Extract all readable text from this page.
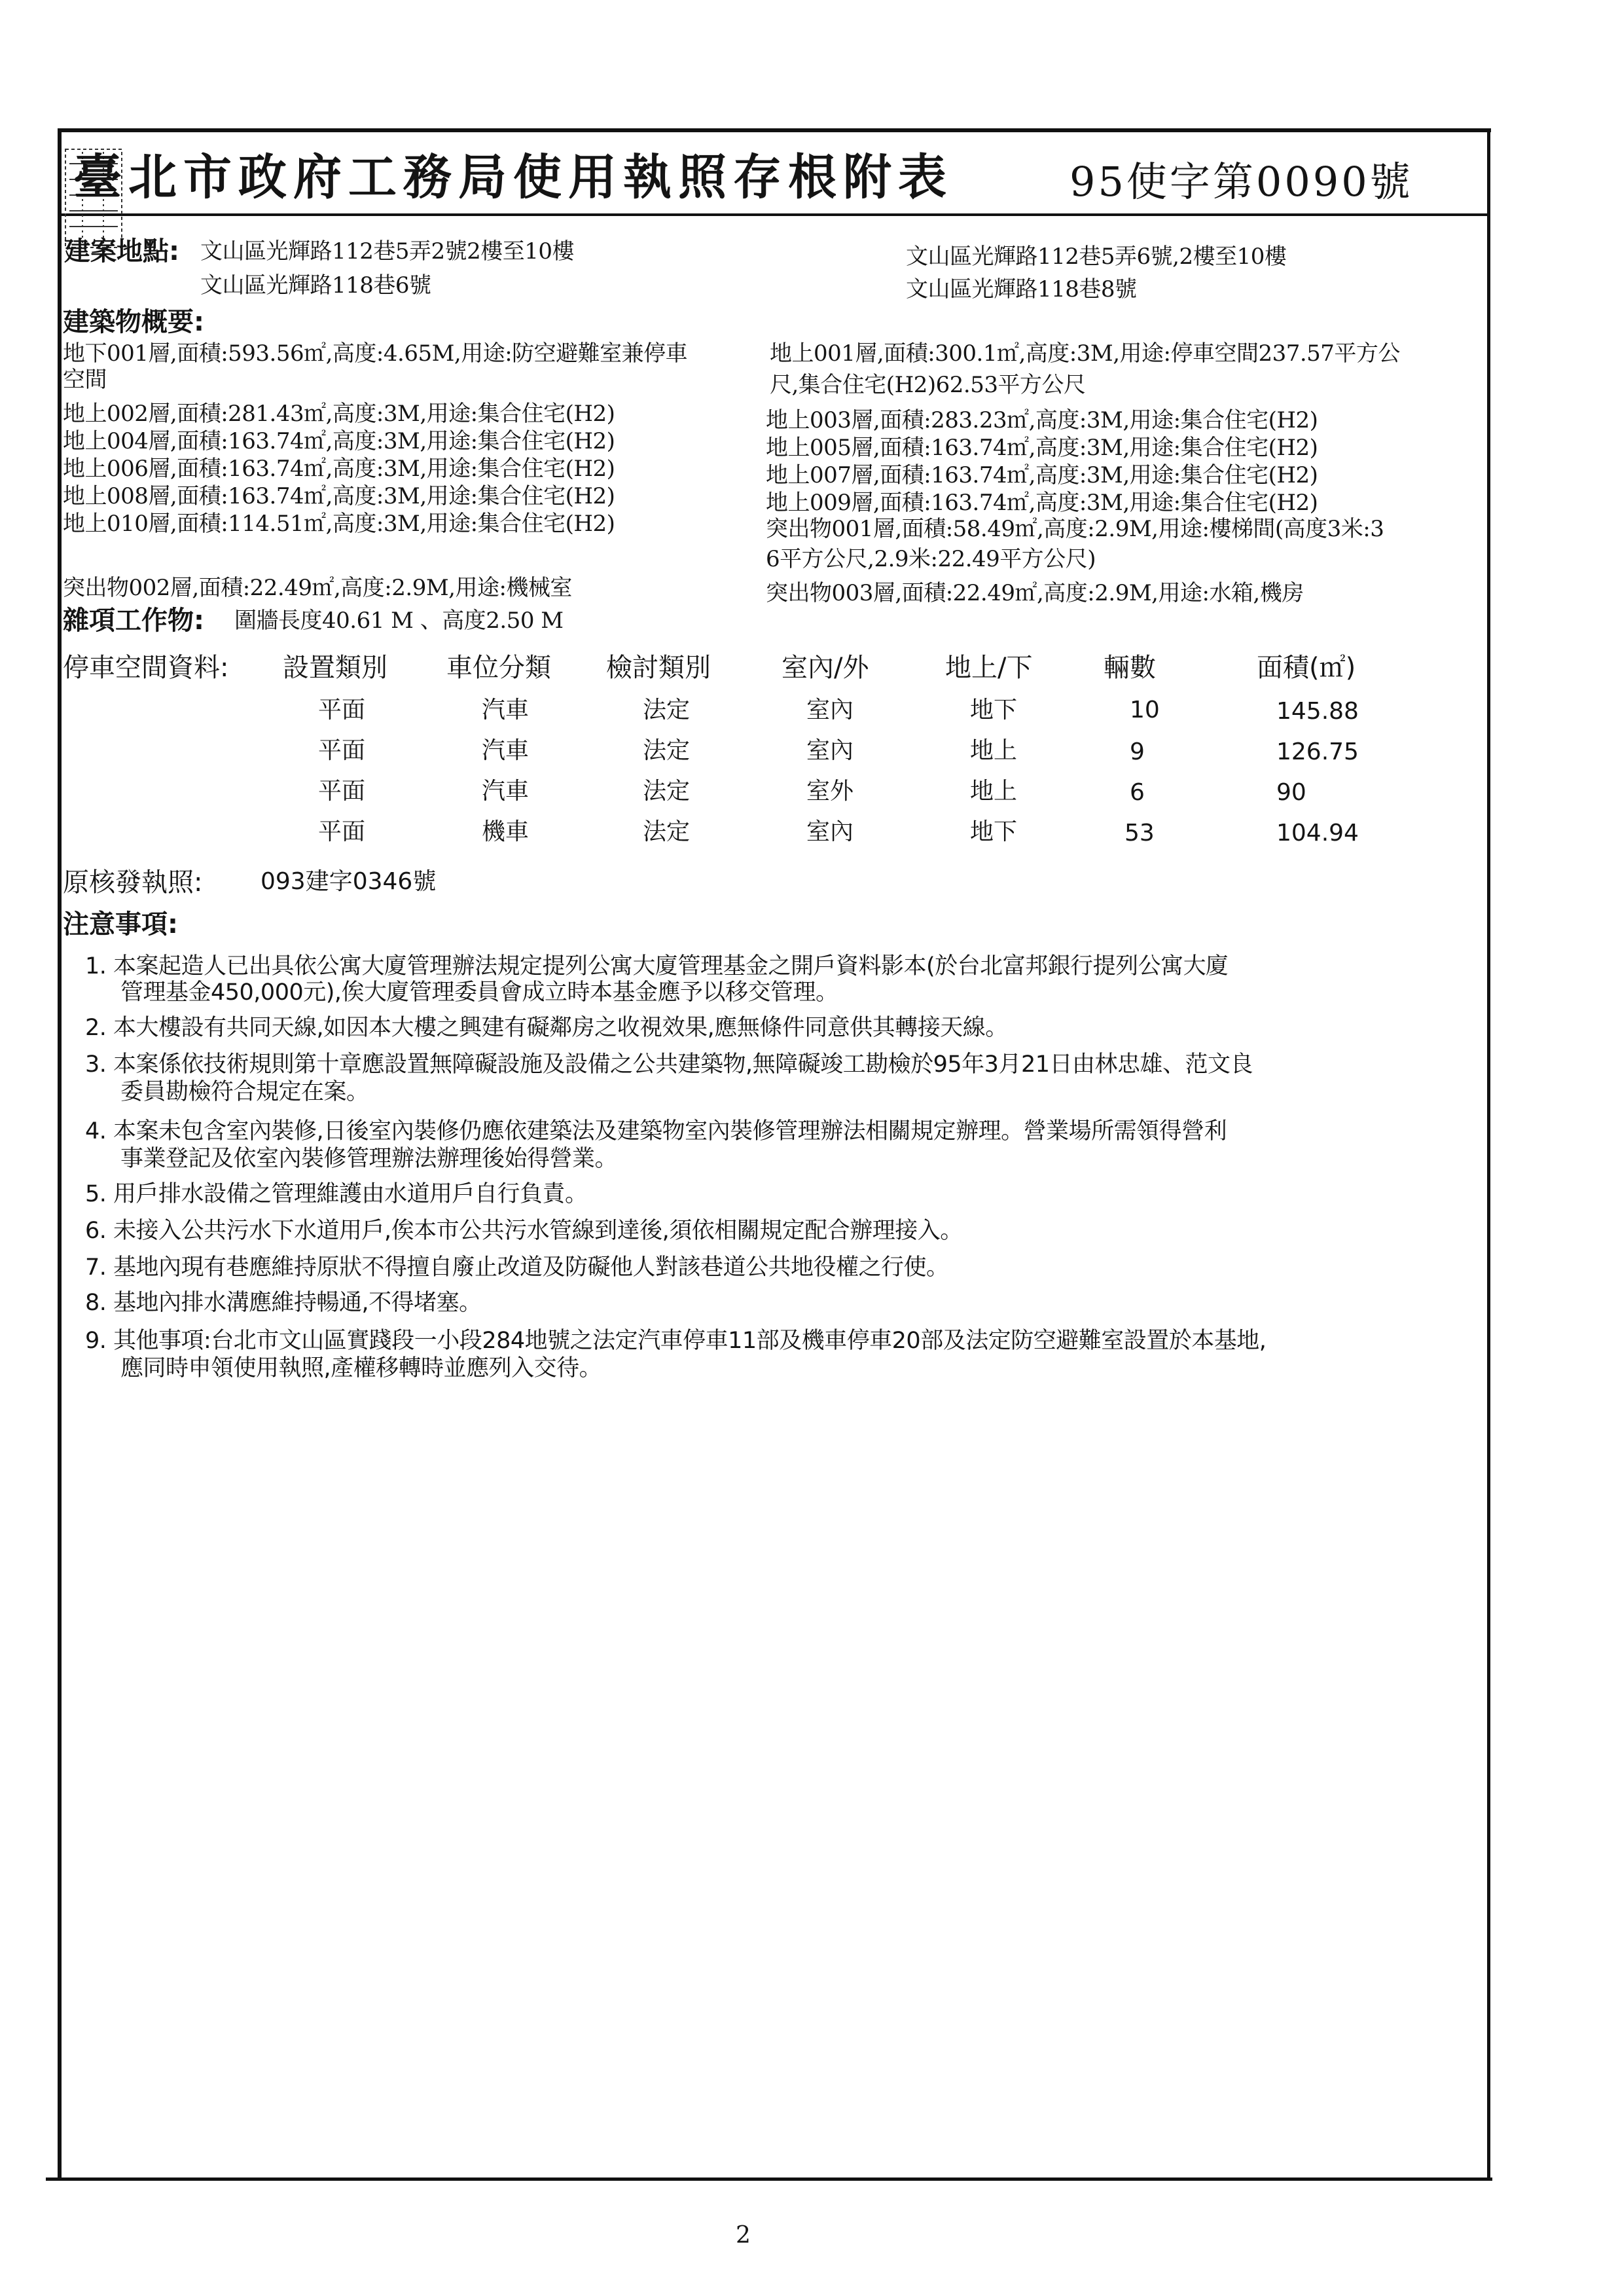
臺北市政府工務局使用執照存根附表	95使字第0090號
建案地點: 文山區光輝路112巷5弄2號2樓至10樓
文山區光輝路118巷6號
文山區光輝路112巷5弄6號,2樓至10樓
文山區光輝路118巷8號
建築物概要:
地下001層,面積:593.56㎡,高度:4.65M,用途:防空避難室兼停車
空間
地上001層,面積:300.1㎡,高度:3M,用途:停車空間237.57平方公
尺,集合住宅(H2)62.53平方公尺
地上002層,面積:281.43㎡,高度:3M,用途:集合住宅(H2)
地上004層,面積:163.74㎡,高度:3M,用途:集合住宅(H2)
地上006層,面積:163.74㎡,高度:3M,用途:集合住宅(H2)
地上008層,面積:163.74㎡,高度:3M,用途:集合住宅(H2)
地上010層,面積:114.51㎡,高度:3M,用途:集合住宅(H2)
地上003層,面積:283.23㎡,高度:3M,用途:集合住宅(H2)
地上005層,面積:163.74㎡,高度:3M,用途:集合住宅(H2)
地上007層,面積:163.74㎡,高度:3M,用途:集合住宅(H2)
地上009層,面積:163.74㎡,高度:3M,用途:集合住宅(H2)
突出物001層,面積:58.49㎡,高度:2.9M,用途:樓梯間(高度3米:3
6平方公尺,2.9米:22.49平方公尺)
突出物002層,面積:22.49㎡,高度:2.9M,用途:機械室	突出物003層,面積:22.49㎡,高度:2.9M,用途:水箱,機房
雜項工作物: 圍牆長度40.61 M 、高度2.50 M
停車空間資料: 設置類別 車位分類 檢討類別	室內/外	地上/下	輛數	面積(㎡)
平面	汽車	法定	室內	地下	10	145.88
平面	汽車	法定	室內	地上	9	126.75
平面	汽車	法定	室外	地上	6	90
平面	機車	法定	室內	地下	53	104.94
原核發執照: 093建字0346號
注意事項:
1. 本案起造人已出具依公寓大廈管理辦法規定提列公寓大廈管理基金之開戶資料影本(於台北富邦銀行提列公寓大廈
管理基金450,000元),俟大廈管理委員會成立時本基金應予以移交管理。
2. 本大樓設有共同天線,如因本大樓之興建有礙鄰房之收視效果,應無條件同意供其轉接天線。
3. 本案係依技術規則第十章應設置無障礙設施及設備之公共建築物,無障礙竣工勘檢於95年3月21日由林忠雄、范文良
委員勘檢符合規定在案。
4. 本案未包含室內裝修,日後室內裝修仍應依建築法及建築物室內裝修管理辦法相關規定辦理。營業場所需領得營利
事業登記及依室內裝修管理辦法辦理後始得營業。
5. 用戶排水設備之管理維護由水道用戶自行負責。
6. 未接入公共污水下水道用戶,俟本市公共污水管線到達後,須依相關規定配合辦理接入。
7. 基地內現有巷應維持原狀不得擅自廢止改道及防礙他人對該巷道公共地役權之行使。
8. 基地內排水溝應維持暢通,不得堵塞。
9. 其他事項:台北市文山區實踐段一小段284地號之法定汽車停車11部及機車停車20部及法定防空避難室設置於本基地,
應同時申領使用執照,產權移轉時並應列入交待。
2
